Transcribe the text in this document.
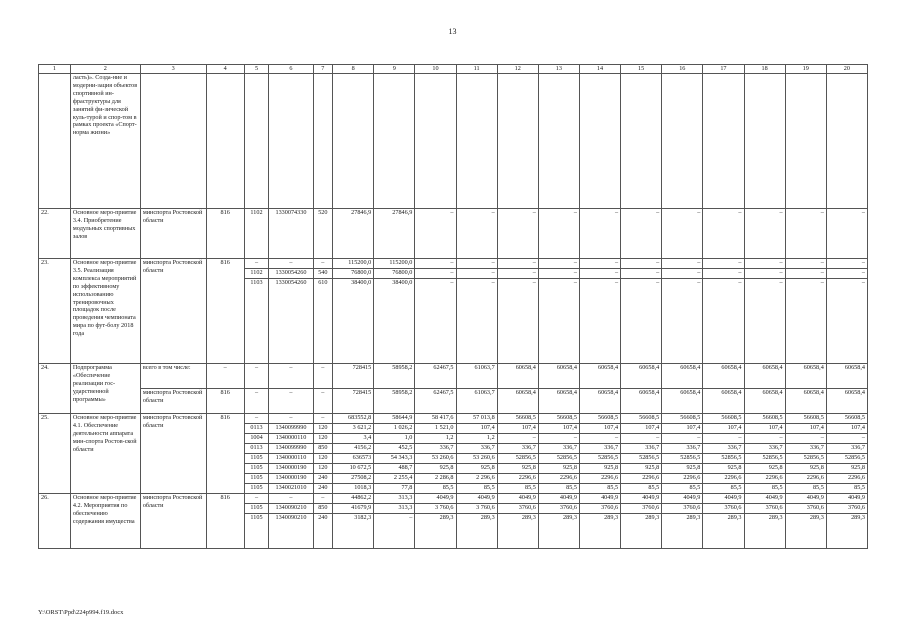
13
1	2	3	4	5	6	7	8	9	10	11	12	13	14	15	16	17	18	19	20
	ласть)». Созда-ние и модерни-зация объектов спортивной ин-фраструктуры для занятий фи-зической куль-турой и спор-том в рамках проекта «Спорт-норма жизни»																		
22.	Основное меро-приятие 3.4. Приобретение модульных спортивных залов	минспорта Ростовской области	816	1102	1330074330	520	27846,9	27846,9	–	–	–	–	–	–	–	–	–	–	–
23.	Основное меро-приятие 3.5. Реализация комплекса мероприятий по эффективному использованию тренировочных площадок после проведения чемпионата мира по фут-болу 2018 года	минспорта Ростовской области	816	–	–	–	115200,0	115200,0	–	–	–	–	–	–	–	–	–	–	–
				1102	1330054260	540	76800,0	76800,0	–	–	–	–	–	–	–	–	–	–	–
				1103	1330054260	610	38400,0	38400,0	–	–	–	–	–	–	–	–	–	–	–
24.	Подпрограмма «Обеспечение реализации гос-ударственной программы»	всего в том числе:	–	–	–	–	728415	58958,2	62467,5	61063,7	60658,4	60658,4	60658,4	60658,4	60658,4	60658,4	60658,4	60658,4	60658,4
		минспорта Ростовской области	816	–	–	–	728415	58958,2	62467,5	61063,7	60658,4	60658,4	60658,4	60658,4	60658,4	60658,4	60658,4	60658,4	60658,4
25.	Основное меро-приятие 4.1. Обеспечение деятельности аппарата мин-спорта Ростов-ской области	минспорта Ростовской области	816	–	–	–	683552,8	58644,9	58 417,6	57 013,8	56608,5	56608,5	56608,5	56608,5	56608,5	56608,5	56608,5	56608,5	56608,5
				0113	1340099990	120	3 621,2	1 026,2	1 521,0	107,4	107,4	107,4	107,4	107,4	107,4	107,4	107,4	107,4	107,4
				1004	1340000110	120	3,4	1,0	1,2	1,2	–	–	–	–	–	–	–	–	–
				0113	1340099990	850	4156,2	452,5	336,7	336,7	336,7	336,7	336,7	336,7	336,7	336,7	336,7	336,7	336,7
				1105	1340000110	120	636573	54 343,3	53 260,6	53 260,6	52856,5	52856,5	52856,5	52856,5	52856,5	52856,5	52856,5	52856,5	52856,5
				1105	1340000190	120	10 672,5	488,7	925,8	925,8	925,8	925,8	925,8	925,8	925,8	925,8	925,8	925,8	925,8
				1105	1340000190	240	27508,2	2 255,4	2 286,8	2 296,6	2296,6	2296,6	2296,6	2296,6	2296,6	2296,6	2296,6	2296,6	2296,6
				1105	1340021010	240	1018,3	77,8	85,5	85,5	85,5	85,5	85,5	85,5	85,5	85,5	85,5	85,5	85,5
26.	Основное меро-приятие 4.2. Мероприятия по обеспечению содержания имущества	минспорта Ростовской области	816	–	–	–	44862,2	313,3	4049,9	4049,9	4049,9	4049,9	4049,9	4049,9	4049,9	4049,9	4049,9	4049,9	4049,9
				1105	1340090210	850	41679,9	313,3	3 760,6	3 760,6	3760,6	3760,6	3760,6	3760,6	3760,6	3760,6	3760,6	3760,6	3760,6
				1105	1340090210	240	3182,3	–	289,3	289,3	289,3	289,3	289,3	289,3	289,3	289,3	289,3	289,3	289,3
Y:\ORST\Ppd\224p994.f19.docx
